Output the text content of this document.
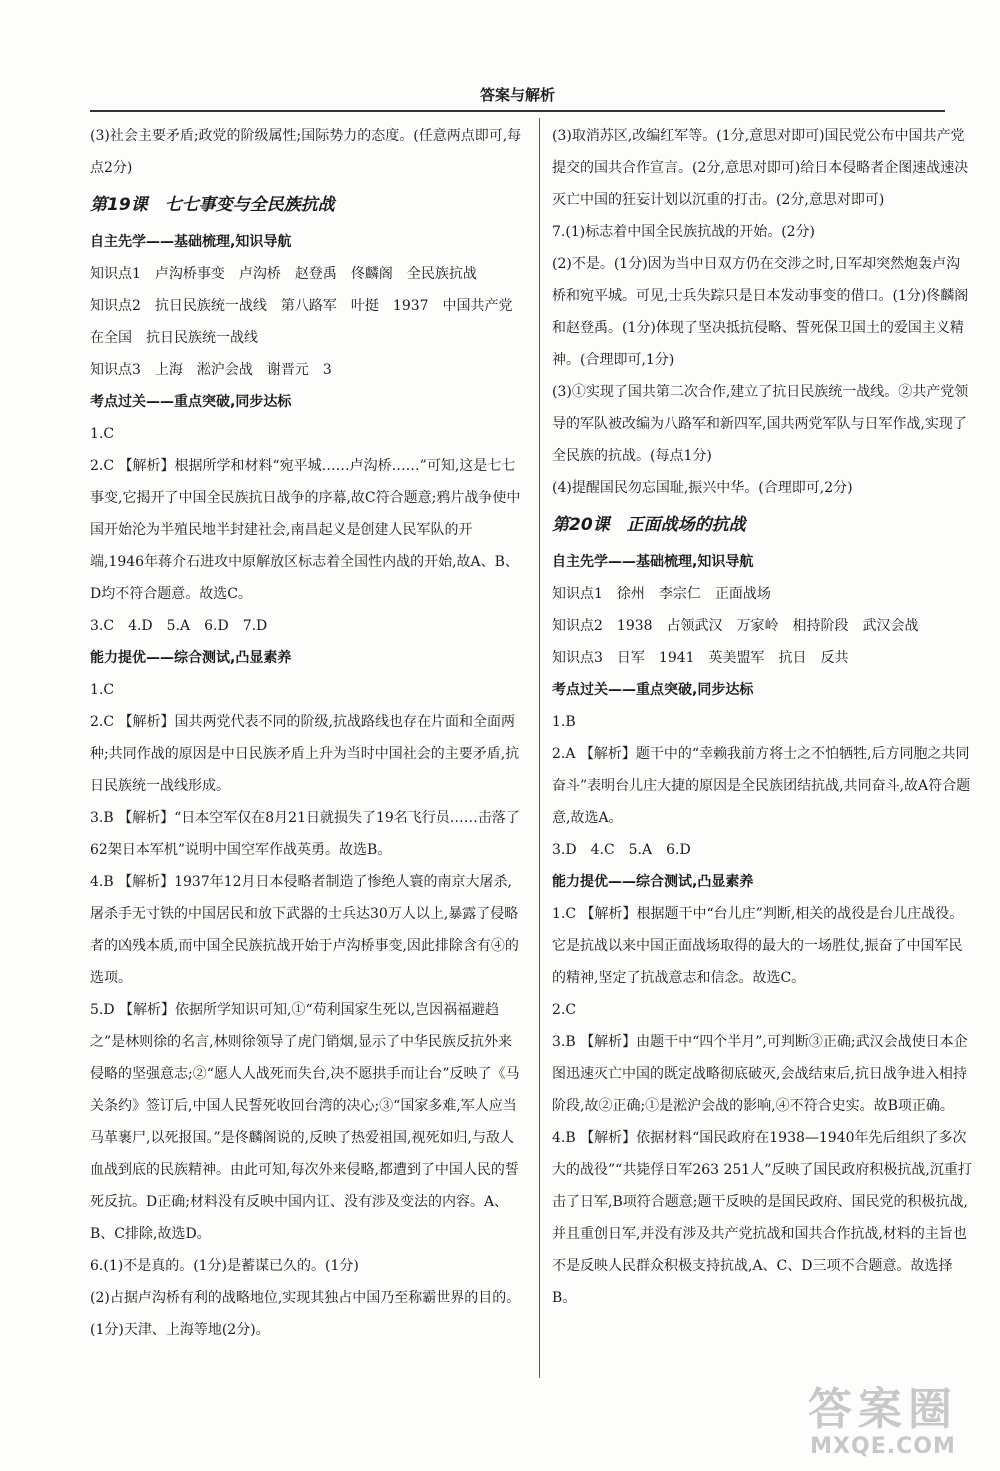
答案与解析
(3)社会主要矛盾;政党的阶级属性;国际势力的态度。(任意两点即可,每点2分)
第19课　七七事变与全民族抗战
自主先学——基础梳理,知识导航
知识点1　卢沟桥事变　卢沟桥　赵登禹　佟麟阁　全民族抗战
知识点2　抗日民族统一战线　第八路军　叶挺　1937　中国共产党在全国　抗日民族统一战线
知识点3　上海　淞沪会战　谢晋元　3
考点过关——重点突破,同步达标
1.C
2.C 【解析】根据所学和材料“宛平城……卢沟桥……”可知,这是七七事变,它揭开了中国全民族抗日战争的序幕,故C符合题意;鸦片战争使中国开始沦为半殖民地半封建社会,南昌起义是创建人民军队的开端,1946年蒋介石进攻中原解放区标志着全国性内战的开始,故A、B、D均不符合题意。故选C。
3.C　4.D　5.A　6.D　7.D
能力提优——综合测试,凸显素养
1.C
2.C 【解析】国共两党代表不同的阶级,抗战路线也存在片面和全面两种;共同作战的原因是中日民族矛盾上升为当时中国社会的主要矛盾,抗日民族统一战线形成。
3.B 【解析】“日本空军仅在8月21日就损失了19名飞行员……击落了62架日本军机”说明中国空军作战英勇。故选B。
4.B 【解析】1937年12月日本侵略者制造了惨绝人寰的南京大屠杀,屠杀手无寸铁的中国居民和放下武器的士兵达30万人以上,暴露了侵略者的凶残本质,而中国全民族抗战开始于卢沟桥事变,因此排除含有④的选项。
5.D 【解析】依据所学知识可知,①“苟利国家生死以,岂因祸福避趋之”是林则徐的名言,林则徐领导了虎门销烟,显示了中华民族反抗外来侵略的坚强意志;②“愿人人战死而失台,决不愿拱手而让台”反映了《马关条约》签订后,中国人民誓死收回台湾的决心;③“国家多难,军人应当马革裹尸,以死报国。”是佟麟阁说的,反映了热爱祖国,视死如归,与敌人血战到底的民族精神。由此可知,每次外来侵略,都遭到了中国人民的誓死反抗。D正确;材料没有反映中国内讧、没有涉及变法的内容。A、B、C排除,故选D。
6.(1)不是真的。(1分)是蓄谋已久的。(1分)
(2)占据卢沟桥有利的战略地位,实现其独占中国乃至称霸世界的目的。(1分)天津、上海等地(2分)。
(3)取消苏区,改编红军等。(1分,意思对即可)国民党公布中国共产党提交的国共合作宣言。(2分,意思对即可)给日本侵略者企图速战速决灭亡中国的狂妄计划以沉重的打击。(2分,意思对即可)
7.(1)标志着中国全民族抗战的开始。(2分)
(2)不是。(1分)因为当中日双方仍在交涉之时,日军却突然炮轰卢沟桥和宛平城。可见,士兵失踪只是日本发动事变的借口。(1分)佟麟阁和赵登禹。(1分)体现了坚决抵抗侵略、誓死保卫国土的爱国主义精神。(合理即可,1分)
(3)①实现了国共第二次合作,建立了抗日民族统一战线。②共产党领导的军队被改编为八路军和新四军,国共两党军队与日军作战,实现了全民族的抗战。(每点1分)
(4)提醒国民勿忘国耻,振兴中华。(合理即可,2分)
第20课　正面战场的抗战
自主先学——基础梳理,知识导航
知识点1　徐州　李宗仁　正面战场
知识点2　1938　占领武汉　万家岭　相持阶段　武汉会战
知识点3　日军　1941　英美盟军　抗日　反共
考点过关——重点突破,同步达标
1.B
2.A 【解析】题干中的“幸赖我前方将士之不怕牺牲,后方同胞之共同奋斗”表明台儿庄大捷的原因是全民族团结抗战,共同奋斗,故A符合题意,故选A。
3.D　4.C　5.A　6.D
能力提优——综合测试,凸显素养
1.C 【解析】根据题干中“台儿庄”判断,相关的战役是台儿庄战役。它是抗战以来中国正面战场取得的最大的一场胜仗,振奋了中国军民的精神,坚定了抗战意志和信念。故选C。
2.C
3.B 【解析】由题干中“四个半月”,可判断③正确;武汉会战使日本企图迅速灭亡中国的既定战略彻底破灭,会战结束后,抗日战争进入相持阶段,故②正确;①是淞沪会战的影响,④不符合史实。故B项正确。
4.B 【解析】依据材料“国民政府在1938—1940年先后组织了多次大的战役”“共毙俘日军263 251人”反映了国民政府积极抗战,沉重打击了日军,B项符合题意;题干反映的是国民政府、国民党的积极抗战,并且重创日军,并没有涉及共产党抗战和国共合作抗战,材料的主旨也不是反映人民群众积极支持抗战,A、C、D三项不合题意。故选择B。
答案圈
MXQE.COM
